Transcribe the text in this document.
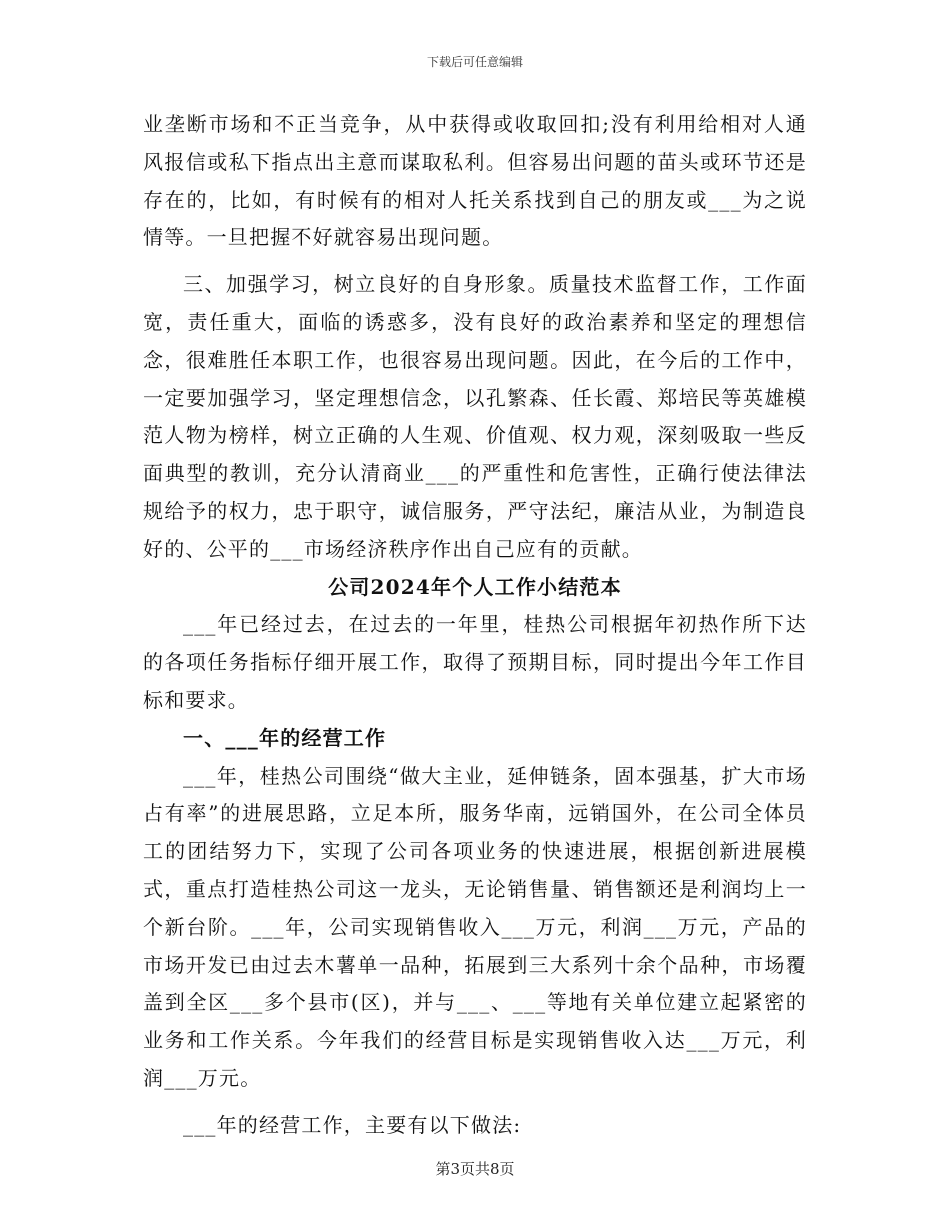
下载后可任意编辑

业垄断市场和不正当竞争，从中获得或收取回扣;没有利用给相对人通风报信或私下指点出主意而谋取私利。但容易出问题的苗头或环节还是存在的，比如，有时候有的相对人托关系找到自己的朋友或___为之说情等。一旦把握不好就容易出现问题。

三、加强学习，树立良好的自身形象。质量技术监督工作，工作面宽，责任重大，面临的诱惑多，没有良好的政治素养和坚定的理想信念，很难胜任本职工作，也很容易出现问题。因此，在今后的工作中，一定要加强学习，坚定理想信念，以孔繁森、任长霞、郑培民等英雄模范人物为榜样，树立正确的人生观、价值观、权力观，深刻吸取一些反面典型的教训，充分认清商业___的严重性和危害性，正确行使法律法规给予的权力，忠于职守，诚信服务，严守法纪，廉洁从业，为制造良好的、公平的___市场经济秩序作出自己应有的贡献。

公司2024年个人工作小结范本

___年已经过去，在过去的一年里，桂热公司根据年初热作所下达的各项任务指标仔细开展工作，取得了预期目标，同时提出今年工作目标和要求。

一、___年的经营工作

___年，桂热公司围绕“做大主业，延伸链条，固本强基，扩大市场占有率”的进展思路，立足本所，服务华南，远销国外，在公司全体员工的团结努力下，实现了公司各项业务的快速进展，根据创新进展模式，重点打造桂热公司这一龙头，无论销售量、销售额还是利润均上一个新台阶。___年，公司实现销售收入___万元，利润___万元，产品的市场开发已由过去木薯单一品种，拓展到三大系列十余个品种，市场覆盖到全区___多个县市(区)，并与___、___等地有关单位建立起紧密的业务和工作关系。今年我们的经营目标是实现销售收入达___万元，利润___万元。

___年的经营工作，主要有以下做法:

第3页共8页
